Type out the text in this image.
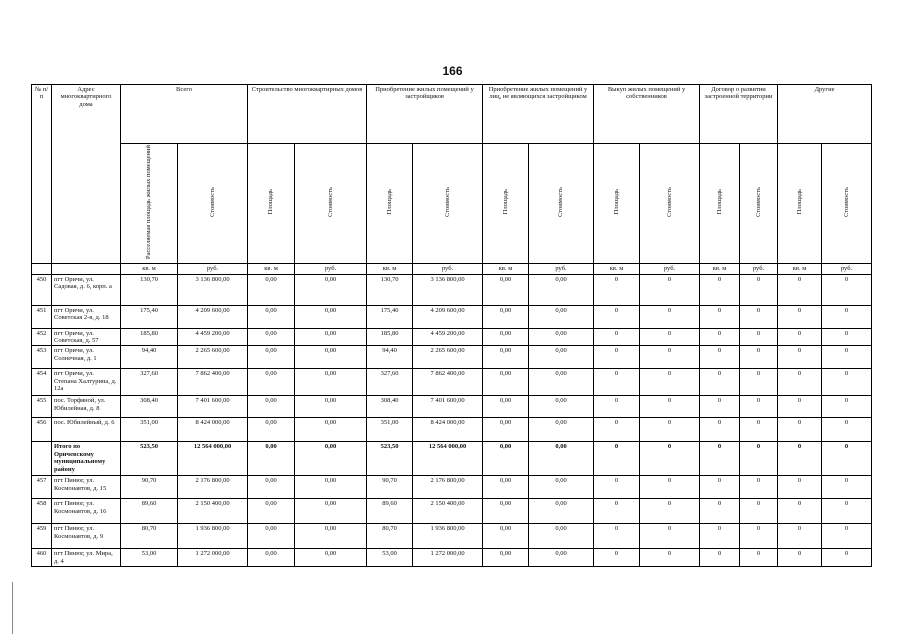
166
№ п/п	Адрес многоквартирного дома	Всего		Строительство многоквартирных домов		Приобретение жилых помещений у застройщиков		Приобретение жилых помещений у лиц, не являющихся застройщиком		Выкуп жилых помещений у собственников		Договор о развитии застроенной территории		Другие	
		Расселяемая площадь жилых помещений	Стоимость	Площадь	Стоимость	Площадь	Стоимость	Площадь	Стоимость	Площадь	Стоимость	Площадь	Стоимость	Площадь	Стоимость
		кв. м	руб.	кв. м	руб.	кв. м	руб.	кв. м	руб.	кв. м	руб.	кв. м	руб.	кв. м	руб.
450	пгт Оричи, ул. Садовая, д. 6, корп. а	130,70	3 136 800,00	0,00	0,00	130,70	3 136 800,00	0,00	0,00	0	0	0	0	0	0
451	пгт Оричи, ул. Советская 2-я, д. 18	175,40	4 209 600,00	0,00	0,00	175,40	4 209 600,00	0,00	0,00	0	0	0	0	0	0
452	пгт Оричи, ул. Советская, д. 57	185,80	4 459 200,00	0,00	0,00	185,80	4 459 200,00	0,00	0,00	0	0	0	0	0	0
453	пгт Оричи, ул. Солнечная, д. 1	94,40	2 265 600,00	0,00	0,00	94,40	2 265 600,00	0,00	0,00	0	0	0	0	0	0
454	пгт Оричи, ул. Степана Халтурина, д. 12а	327,60	7 862 400,00	0,00	0,00	327,60	7 862 400,00	0,00	0,00	0	0	0	0	0	0
455	пос. Торфяной, ул. Юбилейная, д. 8	308,40	7 401 600,00	0,00	0,00	308,40	7 401 600,00	0,00	0,00	0	0	0	0	0	0
456	пос. Юбилейный, д. 6	351,00	8 424 000,00	0,00	0,00	351,00	8 424 000,00	0,00	0,00	0	0	0	0	0	0
	Итого по Оричевскому муниципальному району	523,50	12 564 000,00	0,00	0,00	523,50	12 564 000,00	0,00	0,00	0	0	0	0	0	0
457	пгт Пинюг, ул. Космонавтов, д. 15	90,70	2 176 800,00	0,00	0,00	90,70	2 176 800,00	0,00	0,00	0	0	0	0	0	0
458	пгт Пинюг, ул. Космонавтов, д. 16	89,60	2 150 400,00	0,00	0,00	89,60	2 150 400,00	0,00	0,00	0	0	0	0	0	0
459	пгт Пинюг, ул. Космонавтов, д. 9	80,70	1 936 800,00	0,00	0,00	80,70	1 936 800,00	0,00	0,00	0	0	0	0	0	0
460	пгт Пинюг, ул. Мира, д. 4	53,00	1 272 000,00	0,00	0,00	53,00	1 272 000,00	0,00	0,00	0	0	0	0	0	0
